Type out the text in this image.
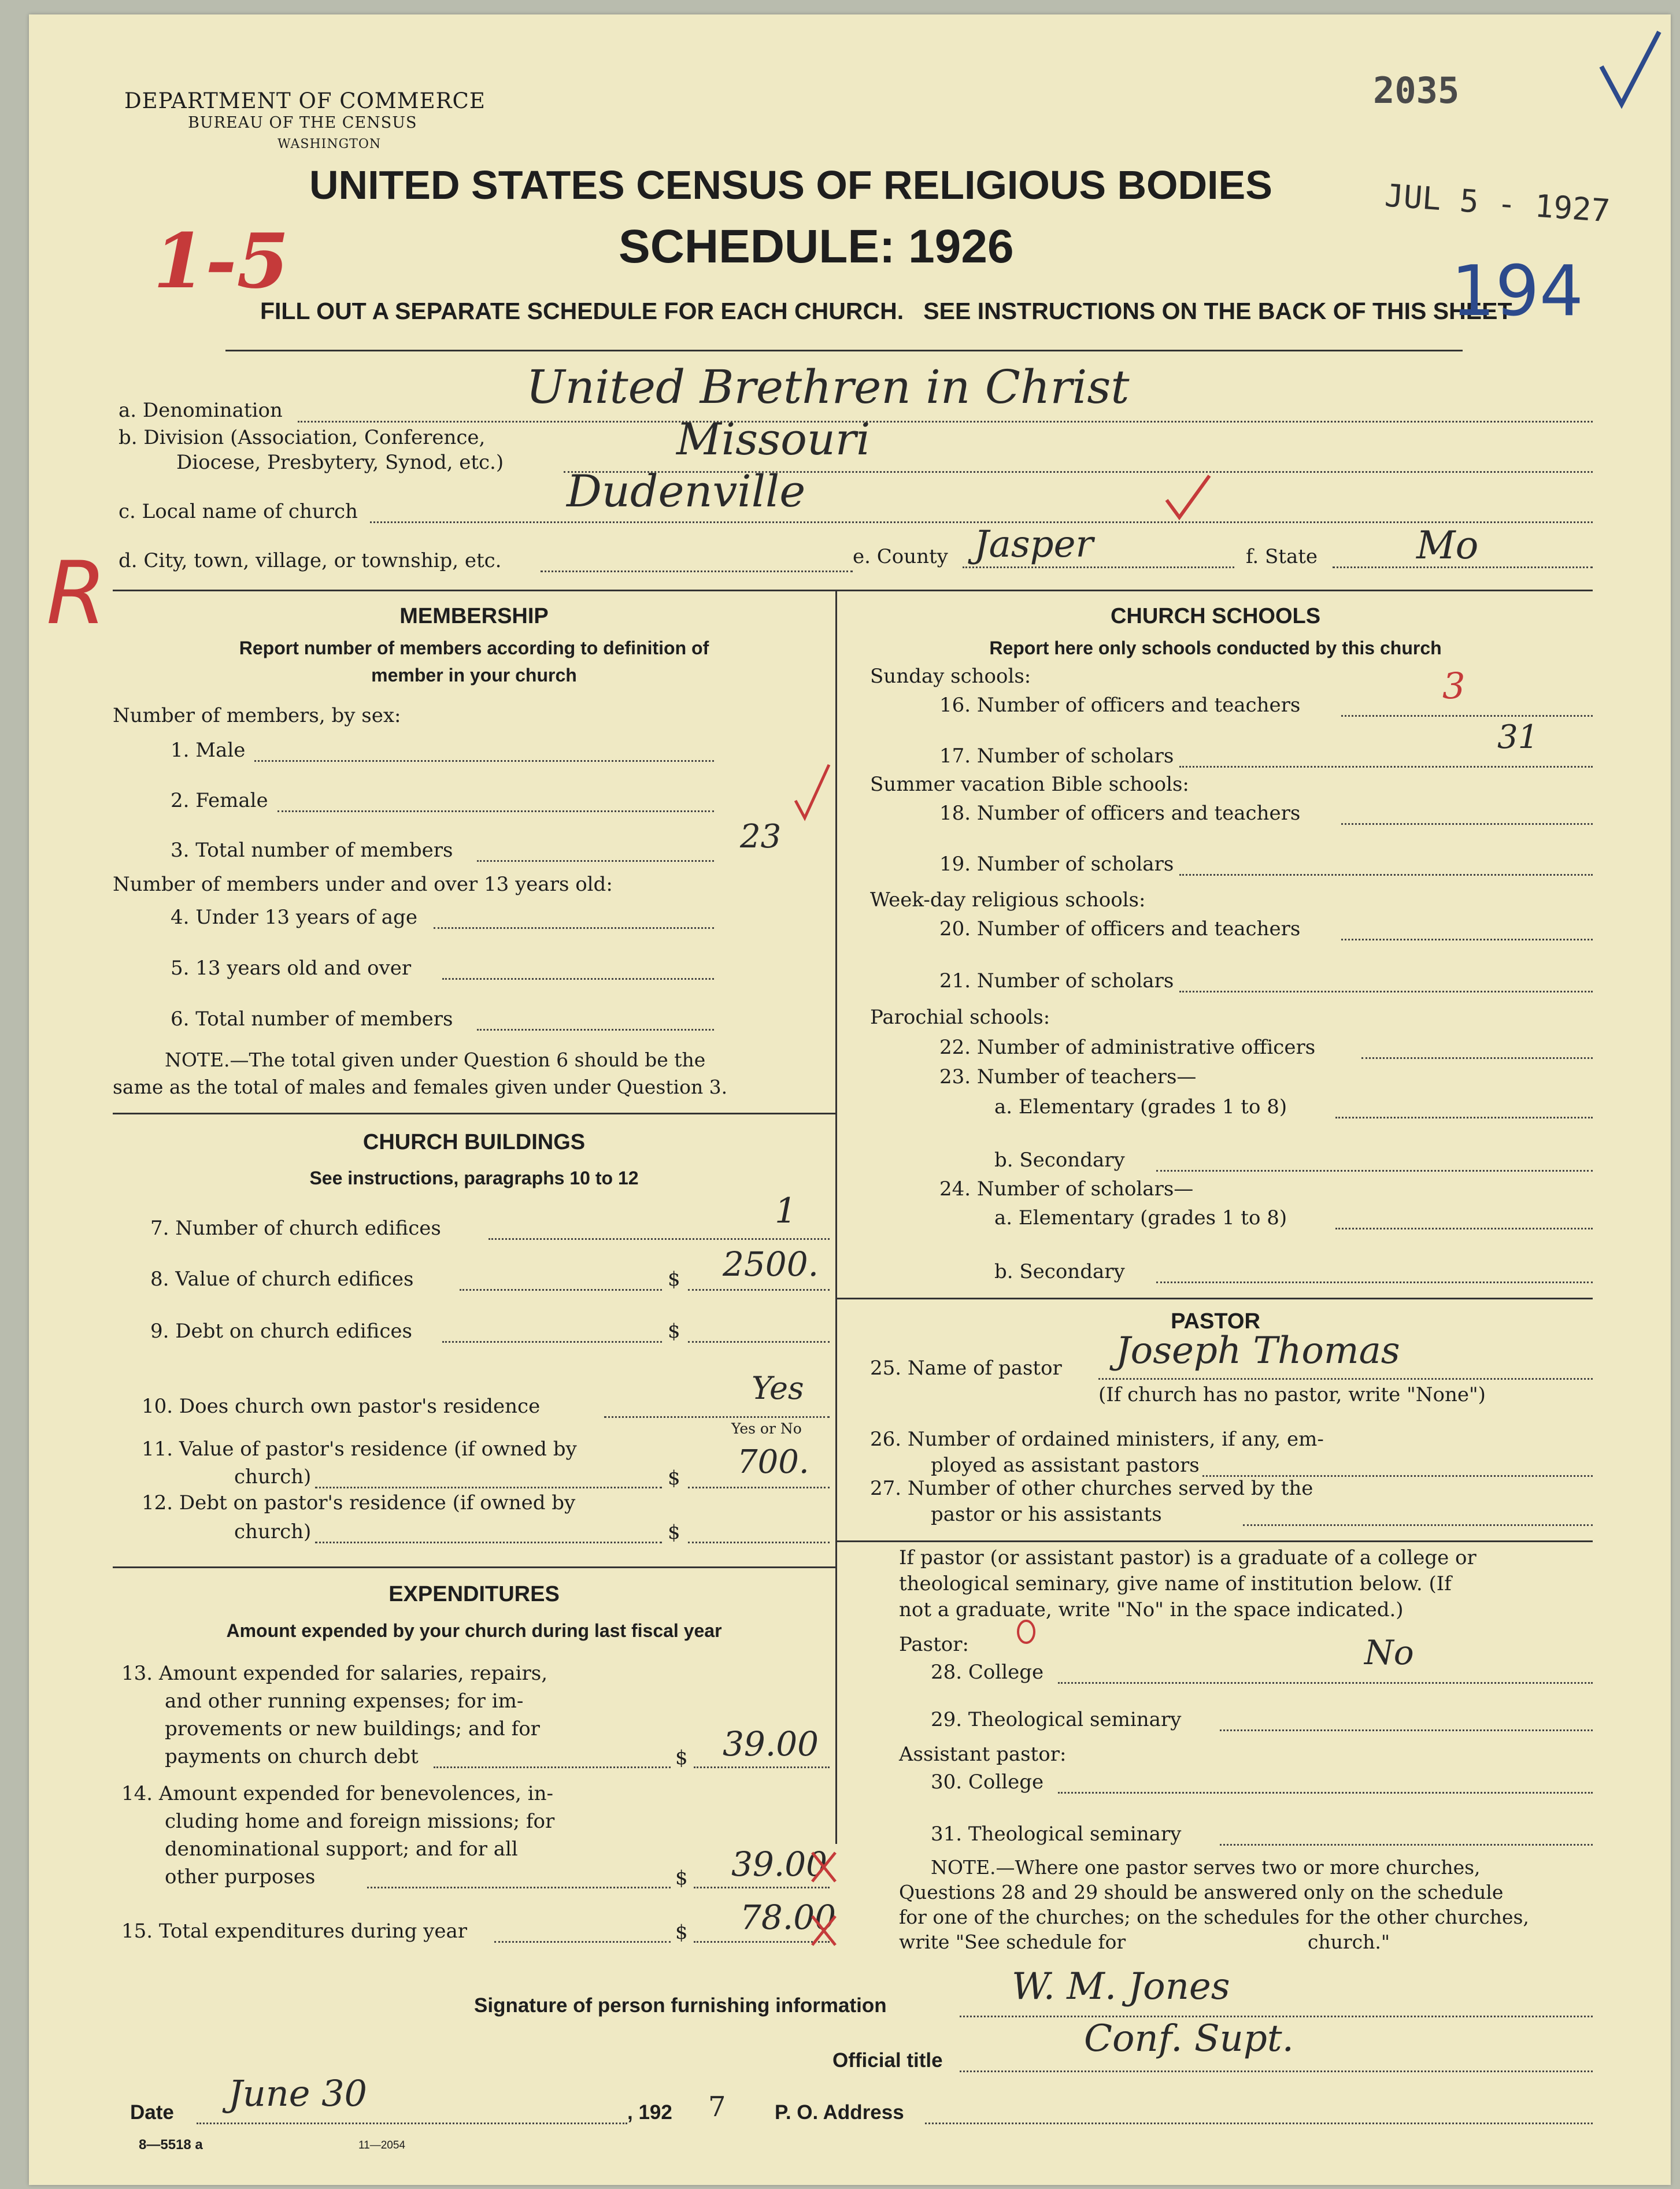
DEPARTMENT OF COMMERCE
BUREAU OF THE CENSUS
WASHINGTON
UNITED STATES CENSUS OF RELIGIOUS BODIES
SCHEDULE: 1926
FILL OUT A SEPARATE SCHEDULE FOR EACH CHURCH.   SEE INSTRUCTIONS ON THE BACK OF THIS SHEET
2035
JUL 5 - 1927
194
1-5
R
a. Denomination	United Brethren in Christ
b. Division (Association, Conference,
Diocese, Presbytery, Synod, etc.)	Missouri
c. Local name of church	Dudenville
d. City, town, village, or township, etc.	e. County Jasper	f. State	Mo
MEMBERSHIP
Report number of members according to definition of
member in your church
Number of members, by sex:
1. Male
2. Female
3. Total number of members	23
Number of members under and over 13 years old:
4. Under 13 years of age
5. 13 years old and over
6. Total number of members
NOTE.—The total given under Question 6 should be the
same as the total of males and females given under Question 3.
CHURCH BUILDINGS
See instructions, paragraphs 10 to 12
7. Number of church edifices	1
8. Value of church edifices	$ 2500.
9. Debt on church edifices	$
10. Does church own pastor's residence	Yes
Yes or No
11. Value of pastor's residence (if owned by
church)	$ 700.
12. Debt on pastor's residence (if owned by
church)	$
EXPENDITURES
Amount expended by your church during last fiscal year
13. Amount expended for salaries, repairs,
and other running expenses; for im-
provements or new buildings; and for
payments on church debt	$ 39.00
14. Amount expended for benevolences, in-
cluding home and foreign missions; for
denominational support; and for all
other purposes	$ 39.00
15. Total expenditures during year	$ 78.00
CHURCH SCHOOLS
Report here only schools conducted by this church
Sunday schools:
16. Number of officers and teachers	3
17. Number of scholars	31
Summer vacation Bible schools:
18. Number of officers and teachers
19. Number of scholars
Week-day religious schools:
20. Number of officers and teachers
21. Number of scholars
Parochial schools:
22. Number of administrative officers
23. Number of teachers—
a. Elementary (grades 1 to 8)
b. Secondary
24. Number of scholars—
a. Elementary (grades 1 to 8)
b. Secondary
PASTOR
25. Name of pastor Joseph Thomas
(If church has no pastor, write "None")
26. Number of ordained ministers, if any, em-
ployed as assistant pastors
27. Number of other churches served by the
pastor or his assistants
If pastor (or assistant pastor) is a graduate of a college or
theological seminary, give name of institution below. (If
not a graduate, write "No" in the space indicated.)
Pastor:
28. College	No
29. Theological seminary
Assistant pastor:
30. College
31. Theological seminary
NOTE.—Where one pastor serves two or more churches,
Questions 28 and 29 should be answered only on the schedule
for one of the churches; on the schedules for the other churches,
write "See schedule for                              church."
Signature of person furnishing information	W. M. Jones
Official title
Conf. Supt.
Date June 30	, 192 7 P. O. Address
8—5518 a	11—2054
